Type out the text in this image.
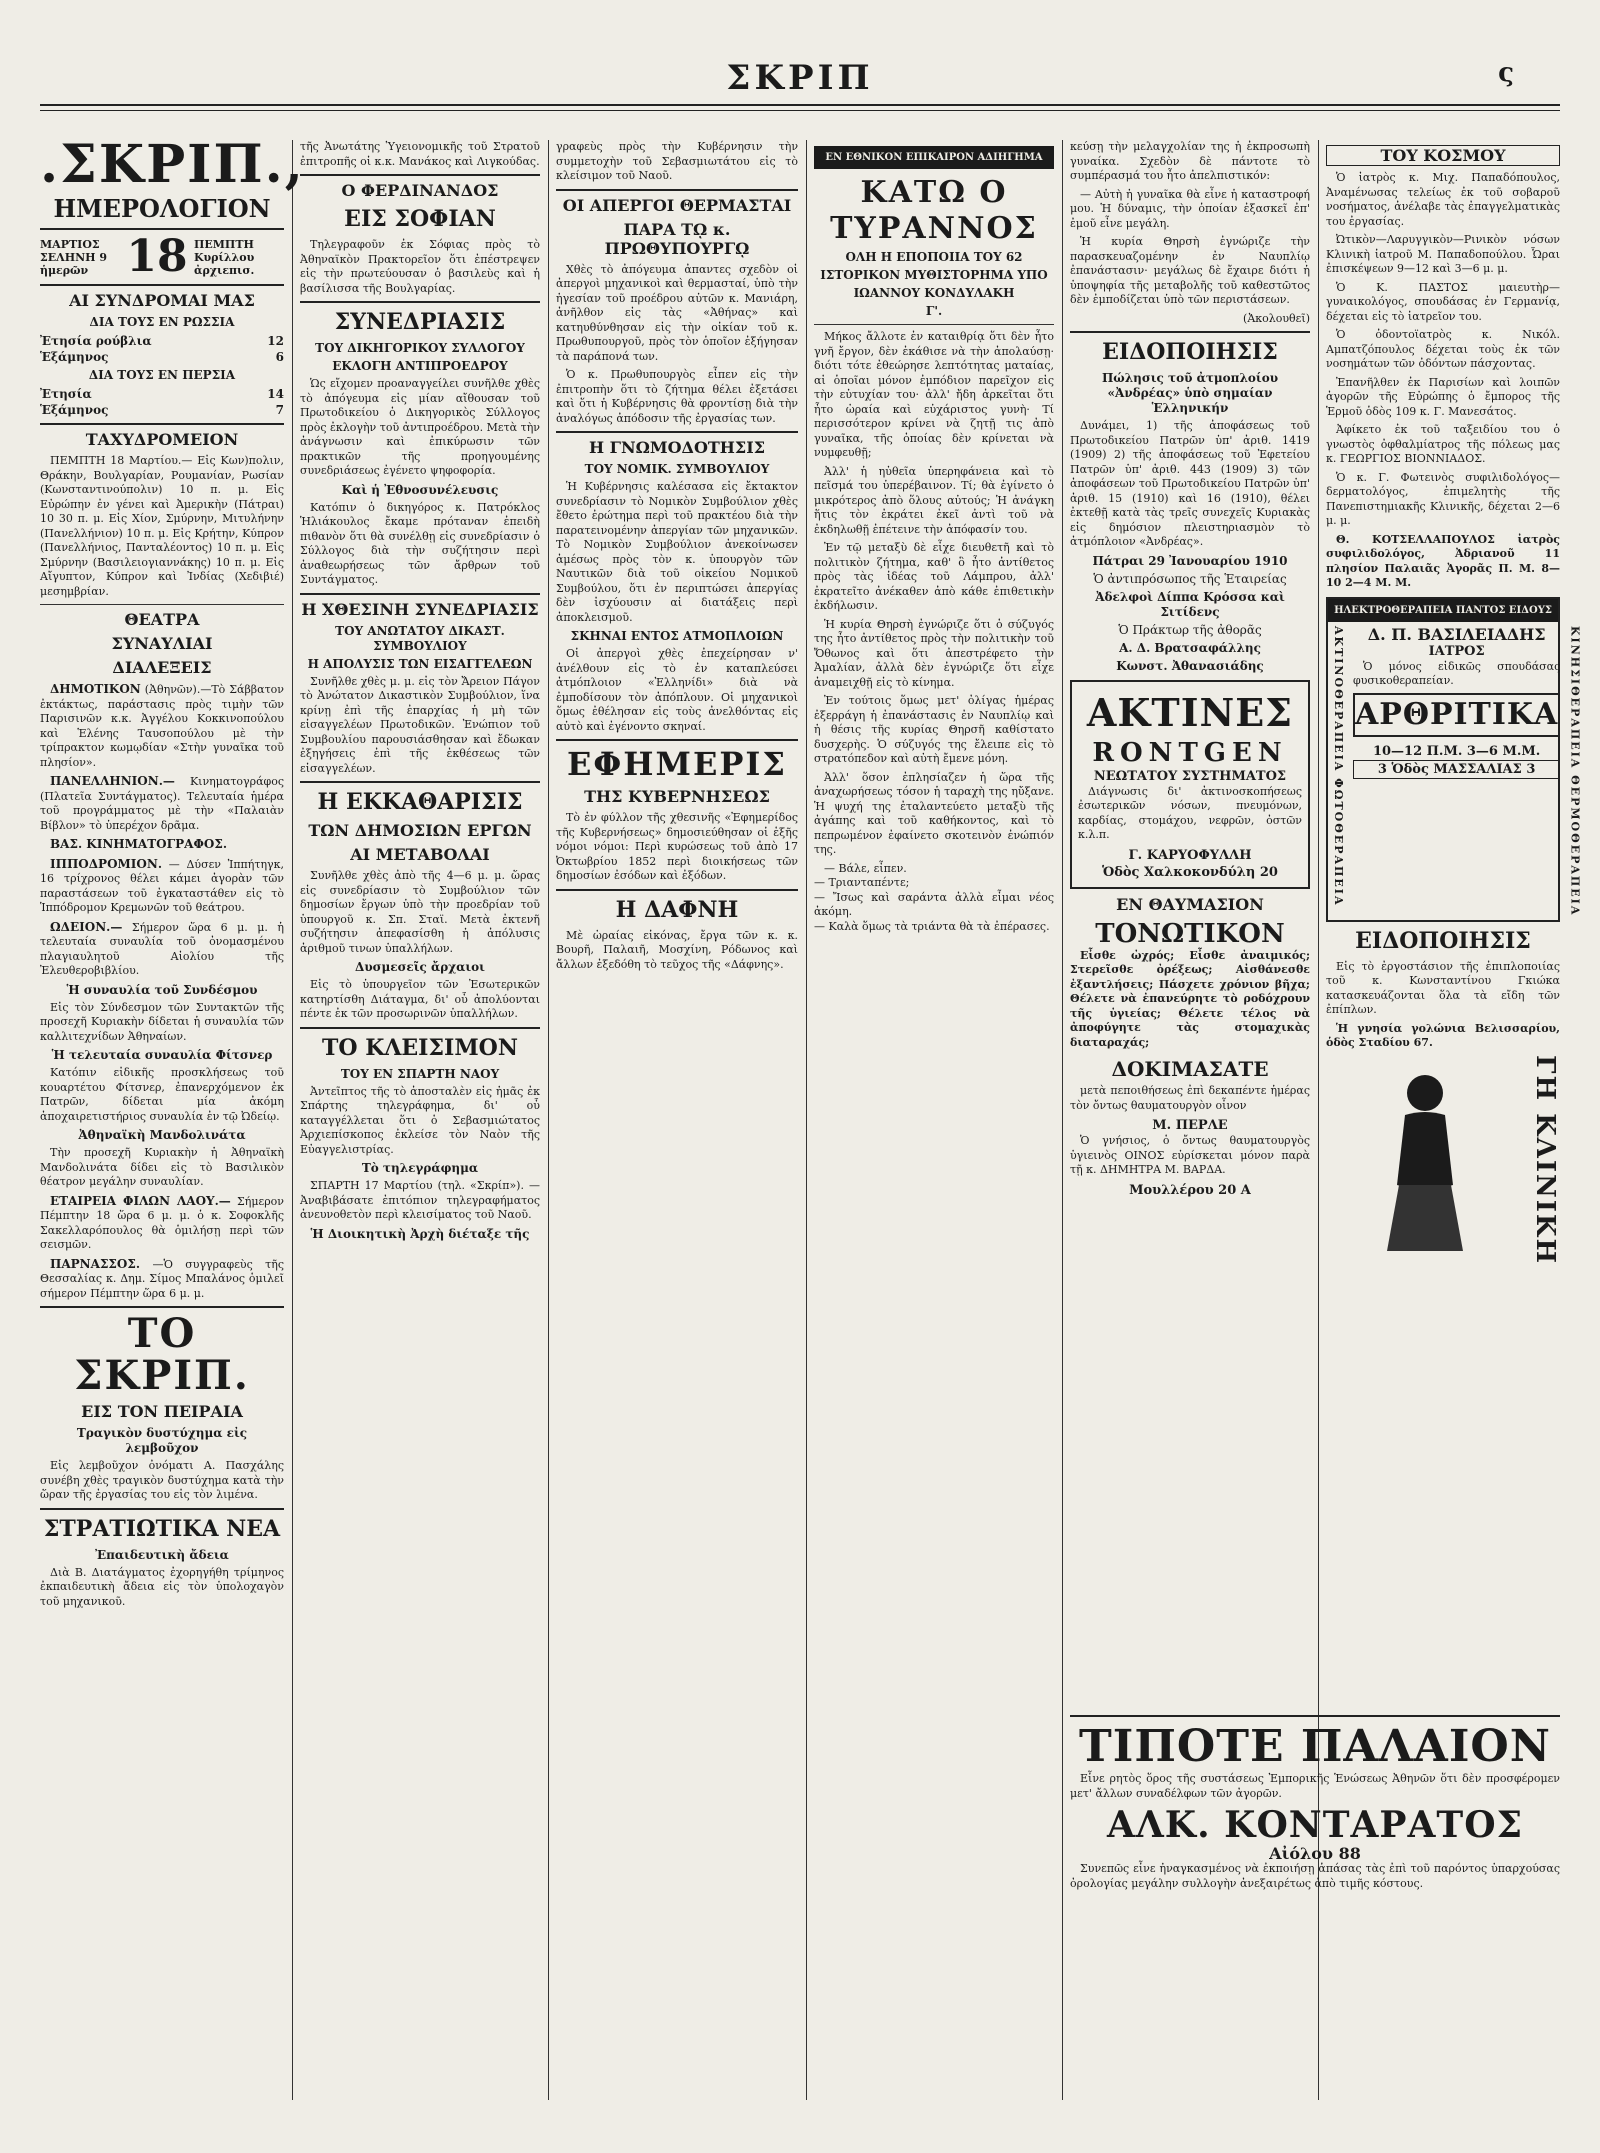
ΣΚΡΙΠ	ς
.ΣΚΡΙΠ.,
ΗΜΕΡΟΛΟΓΙΟΝ
ΜΑΡΤΙΟΣ ΣΕΛΗΝΗ 9 ἡμερῶν 18 ΠΕΜΠΤΗ Κυρίλλου ἀρχιεπισ.
ΑΙ ΣΥΝΔΡΟΜΑΙ ΜΑΣ
ΔΙΑ ΤΟΥΣ ΕΝ ΡΩΣΣΙΑ
Ἐτησία ρούβλια	12
Ἑξάμηνος	6
ΔΙΑ ΤΟΥΣ ΕΝ ΠΕΡΣΙΑ
Ἐτησία	14
Ἑξάμηνος	7
ΤΑΧΥΔΡΟΜΕΙΟΝ

ΠΕΜΠΤΗ 18 Μαρτίου.— Εἰς Κων)πολιν, Θράκην, Βουλγαρίαν, Ρουμανίαν, Ρωσίαν (Κωνσταντινούπολιν) 10 π. μ. Εἰς Εὐρώπην ἐν γένει καὶ Ἀμερικὴν (Πάτραι) 10 30 π. μ. Εἰς Χίον, Σμύρνην, Μιτυλήνην (Πανελλήνιον) 10 π. μ. Εἰς Κρήτην, Κύπρον (Πανελλήνιος, Πανταλέοντος) 10 π. μ. Εἰς Σμύρνην (Βασιλειογιαννάκης) 10 π. μ. Εἰς Αἴγυπτον, Κύπρον καὶ Ἰνδίας (Χεδιβιέ) μεσημβρίαν.

ΘΕΑΤΡΑ
ΣΥΝΑΥΛΙΑΙ
ΔΙΑΛΕΞΕΙΣ

ΔΗΜΟΤΙΚΟΝ (Ἀθηνῶν).—Τὸ Σάββατον ἐκτάκτως, παράστασις πρὸς τιμὴν τῶν Παρισινῶν κ.κ. Ἀγγέλου Κοκκινοπούλου καὶ Ἑλένης Ταυσοπούλου μὲ τὴν τρίπρακτον κωμῳδίαν «Στὴν γυναῖκα τοῦ πλησίον».

ΠΑΝΕΛΛΗΝΙΟΝ.— Κινηματογράφος (Πλατεῖα Συντάγματος). Τελευταία ἡμέρα τοῦ προγράμματος μὲ τὴν «Παλαιὰν Βίβλον» τὸ ὑπερέχον δρᾶμα.

ΒΑΣ. ΚΙΝΗΜΑΤΟΓΡΑΦΟΣ.

ΙΠΠΟΔΡΟΜΙΟΝ. — Δύσεν Ἱππήτηγκ, 16 τρίχρονος θέλει κάμει ἀγορὰν τῶν παραστάσεων τοῦ ἐγκαταστάθεν εἰς τὸ Ἱππόδρομον Κρεμωνῶν τοῦ θεάτρου.

ΩΔΕΙΟΝ.— Σήμερον ὥρα 6 μ. μ. ἡ τελευταία συναυλία τοῦ ὀνομασμένου πλαγιαυλητοῦ Αἰολίου τῆς Ἐλευθεροβιβλίου.

Ἡ συναυλία τοῦ Συνδέσμου

Εἰς τὸν Σύνδεσμον τῶν Συντακτῶν τῆς προσεχῆ Κυριακὴν δίδεται ἡ συναυλία τῶν καλλιτεχνίδων Ἀθηναίων.

Ἡ τελευταία συναυλία Φίτσνερ

Κατόπιν εἰδικῆς προσκλήσεως τοῦ κουαρτέτου Φίτσνερ, ἐπανερχόμενον ἐκ Πατρῶν, δίδεται μία ἀκόμη ἀποχαιρετιστήριος συναυλία ἐν τῷ Ὠδείῳ.

Ἀθηναϊκὴ Μανδολινάτα

Τὴν προσεχῆ Κυριακὴν ἡ Ἀθηναϊκὴ Μανδολινάτα δίδει εἰς τὸ Βασιλικὸν θέατρον μεγάλην συναυλίαν.

ΕΤΑΙΡΕΙΑ ΦΙΛΩΝ ΛΑΟΥ.— Σήμερον Πέμπτην 18 ὥρα 6 μ. μ. ὁ κ. Σοφοκλῆς Σακελλαρόπουλος θὰ ὁμιλήσῃ περὶ τῶν σεισμῶν.

ΠΑΡΝΑΣΣΟΣ. —Ὁ συγγραφεὺς τῆς Θεσσαλίας κ. Δημ. Σίμος Μπαλάνος ὁμιλεῖ σήμερον Πέμπτην ὥρα 6 μ. μ.

ΤΟ ΣΚΡΙΠ.
ΕΙΣ ΤΟΝ ΠΕΙΡΑΙΑ
Τραγικὸν δυστύχημα εἰς λεμβοῦχον

Εἰς λεμβοῦχον ὀνόματι Α. Πασχάλης συνέβη χθὲς τραγικὸν δυστύχημα κατὰ τὴν ὥραν τῆς ἐργασίας του εἰς τὸν λιμένα.

ΣΤΡΑΤΙΩΤΙΚΑ ΝΕΑ
Ἐπαιδευτικὴ ἄδεια

Διὰ Β. Διατάγματος ἐχορηγήθη τρίμηνος ἐκπαιδευτικὴ ἄδεια εἰς τὸν ὑπολοχαγὸν τοῦ μηχανικοῦ.

τῆς Ἀνωτάτης Ὑγειονομικῆς τοῦ Στρατοῦ ἐπιτροπῆς οἱ κ.κ. Μανάκος καὶ Λιγκούδας.

Ο ΦΕΡΔΙΝΑΝΔΟΣ
ΕΙΣ ΣΟΦΙΑΝ

Τηλεγραφοῦν ἐκ Σόφιας πρὸς τὸ Ἀθηναϊκὸν Πρακτορεῖον ὅτι ἐπέστρεψεν εἰς τὴν πρωτεύουσαν ὁ βασιλεὺς καὶ ἡ βασίλισσα τῆς Βουλγαρίας.

ΣΥΝΕΔΡΙΑΣΙΣ
ΤΟΥ ΔΙΚΗΓΟΡΙΚΟΥ ΣΥΛΛΟΓΟΥ
ΕΚΛΟΓΗ ΑΝΤΙΠΡΟΕΔΡΟΥ

Ὡς εἴχομεν προαναγγείλει συνῆλθε χθὲς τὸ ἀπόγευμα εἰς μίαν αἴθουσαν τοῦ Πρωτοδικείου ὁ Δικηγορικὸς Σύλλογος πρὸς ἐκλογὴν τοῦ ἀντιπροέδρου. Μετὰ τὴν ἀνάγνωσιν καὶ ἐπικύρωσιν τῶν πρακτικῶν τῆς προηγουμένης συνεδριάσεως ἐγένετο ψηφοφορία.

Καὶ ἡ Ἐθνοσυνέλευσις

Κατόπιν ὁ δικηγόρος κ. Πατρόκλος Ἡλιάκουλος ἔκαμε πρόταναν ἐπειδὴ πιθανὸν ὅτι θὰ συνέλθῃ εἰς συνεδρίασιν ὁ Σύλλογος διὰ τὴν συζήτησιν περὶ ἀναθεωρήσεως τῶν ἄρθρων τοῦ Συντάγματος.

Η ΧΘΕΣΙΝΗ ΣΥΝΕΔΡΙΑΣΙΣ
ΤΟΥ ΑΝΩΤΑΤΟΥ ΔΙΚΑΣΤ. ΣΥΜΒΟΥΛΙΟΥ
Η ΑΠΟΛΥΣΙΣ ΤΩΝ ΕΙΣΑΓΓΕΛΕΩΝ

Συνῆλθε χθὲς μ. μ. εἰς τὸν Ἄρειον Πάγον τὸ Ἀνώτατον Δικαστικὸν Συμβούλιον, ἵνα κρίνῃ ἐπὶ τῆς ἐπαρχίας ἡ μὴ τῶν εἰσαγγελέων Πρωτοδικῶν. Ἐνώπιον τοῦ Συμβουλίου παρουσιάσθησαν καὶ ἔδωκαν ἐξηγήσεις ἐπὶ τῆς ἐκθέσεως τῶν εἰσαγγελέων.

Η ΕΚΚΑΘΑΡΙΣΙΣ
ΤΩΝ ΔΗΜΟΣΙΩΝ ΕΡΓΩΝ
ΑΙ ΜΕΤΑΒΟΛΑΙ

Συνῆλθε χθὲς ἀπὸ τῆς 4—6 μ. μ. ὥρας εἰς συνεδρίασιν τὸ Συμβούλιον τῶν δημοσίων ἔργων ὑπὸ τὴν προεδρίαν τοῦ ὑπουργοῦ κ. Σπ. Σταϊ. Μετὰ ἐκτενῆ συζήτησιν ἀπεφασίσθη ἡ ἀπόλυσις ἀριθμοῦ τινων ὑπαλλήλων.

Δυσμεσεῖς ἄρχαιοι

Εἰς τὸ ὑπουργεῖον τῶν Ἐσωτερικῶν κατηρτίσθη Διάταγμα, δι' οὗ ἀπολύονται πέντε ἐκ τῶν προσωρινῶν ὑπαλλήλων.

ΤΟ ΚΛΕΙΣΙΜΟΝ
ΤΟΥ ΕΝ ΣΠΑΡΤΗ ΝΑΟΥ

Ἀντεῖπτος τῆς τὸ ἀποσταλὲν εἰς ἡμᾶς ἐκ Σπάρτης τηλεγράφημα, δι' οὗ καταγγέλλεται ὅτι ὁ Σεβασμιώτατος Ἀρχιεπίσκοπος ἐκλείσε τὸν Ναὸν τῆς Εὐαγγελιστρίας.

Τὸ τηλεγράφημα

ΣΠΑΡΤΗ 17 Μαρτίου (τηλ. «Σκρίπ»). — Ἀναβιβάσατε ἐπιτόπιον τηλεγραφήματος ἀνευνοθετὸν περὶ κλεισίματος τοῦ Ναοῦ.

Ἡ Διοικητικὴ Ἀρχὴ διέταξε τῆς

γραφεὺς πρὸς τὴν Κυβέρνησιν τὴν συμμετοχὴν τοῦ Σεβασμιωτάτου εἰς τὸ κλείσιμον τοῦ Ναοῦ.

ΟΙ ΑΠΕΡΓΟΙ ΘΕΡΜΑΣΤΑΙ
ΠΑΡΑ Τῼ κ. ΠΡΩΘΥΠΟΥΡΓῼ

Χθὲς τὸ ἀπόγευμα ἀπαντες σχεδὸν οἱ ἀπεργοὶ μηχανικοὶ καὶ θερμασταί, ὑπὸ τὴν ἡγεσίαν τοῦ προέδρου αὐτῶν κ. Μανιάρη, ἀνῆλθον εἰς τὰς «Ἀθήνας» καὶ κατηυθύνθησαν εἰς τὴν οἰκίαν τοῦ κ. Πρωθυπουργοῦ, πρὸς τὸν ὁποῖον ἐξήγησαν τὰ παράπονά των.

Ὁ κ. Πρωθυπουργὸς εἶπεν εἰς τὴν ἐπιτροπὴν ὅτι τὸ ζήτημα θέλει ἐξετάσει καὶ ὅτι ἡ Κυβέρνησις θὰ φροντίσῃ διὰ τὴν ἀναλόγως ἀπόδοσιν τῆς ἐργασίας των.

Η ΓΝΩΜΟΔΟΤΗΣΙΣ
ΤΟΥ ΝΟΜΙΚ. ΣΥΜΒΟΥΛΙΟΥ

Ἡ Κυβέρνησις καλέσασα εἰς ἔκτακτον συνεδρίασιν τὸ Νομικὸν Συμβούλιον χθὲς ἔθετο ἐρώτημα περὶ τοῦ πρακτέου διὰ τὴν παρατεινομένην ἀπεργίαν τῶν μηχανικῶν. Τὸ Νομικὸν Συμβούλιον ἀνεκοίνωσεν ἀμέσως πρὸς τὸν κ. ὑπουργὸν τῶν Ναυτικῶν διὰ τοῦ οἰκείου Νομικοῦ Συμβούλου, ὅτι ἐν περιπτώσει ἀπεργίας δὲν ἰσχύουσιν αἱ διατάξεις περὶ ἀποκλεισμοῦ.

ΣΚΗΝΑΙ ΕΝΤΟΣ ΑΤΜΟΠΛΟΙΩΝ

Οἱ ἀπεργοὶ χθὲς ἐπεχείρησαν ν' ἀνέλθουν εἰς τὸ ἐν καταπλεύσει ἀτμόπλοιον «Ἐλληνίδι» διὰ νὰ ἐμποδίσουν τὸν ἀπόπλουν. Οἱ μηχανικοὶ ὅμως ἐθέλησαν εἰς τοὺς ἀνελθόντας εἰς αὐτὸ καὶ ἐγένοντο σκηναί.

ΕΦΗΜΕΡΙΣ
ΤΗΣ ΚΥΒΕΡΝΗΣΕΩΣ

Τὸ ἐν φύλλον τῆς χθεσινῆς «Ἐφημερίδος τῆς Κυβερνήσεως» δημοσιεύθησαν οἱ ἑξῆς νόμοι νόμοι: Περὶ κυρώσεως τοῦ ἀπὸ 17 Ὀκτωβρίου 1852 περὶ διοικήσεως τῶν δημοσίων ἐσόδων καὶ ἐξόδων.

Η ΔΑΦΝΗ

Μὲ ὡραίας εἰκόνας, ἔργα τῶν κ. κ. Βουρῆ, Παλαιῆ, Μοσχίνη, Ρόδωνος καὶ ἄλλων ἐξεδόθη τὸ τεῦχος τῆς «Δάφνης».

ΕΝ ΕΘΝΙΚΟΝ ΕΠΙΚΑΙΡΟΝ ΑΔΙΗΓΗΜΑ
ΚΑΤΩ Ο ΤΥΡΑΝΝΟΣ
ΟΛΗ Η ΕΠΟΠΟΙΙΑ ΤΟΥ 62
ΙΣΤΟΡΙΚΟΝ ΜΥΘΙΣΤΟΡΗΜΑ ΥΠΟ
ΙΩΑΝΝΟΥ ΚΟΝΔΥΛΑΚΗ
Γ'.

Μήκος ἄλλοτε ἐν καταιθρίᾳ ὅτι δὲν ἦτο γνῆ ἔργον, δὲν ἐκάθισε νὰ τὴν ἀπολαύσῃ· διότι τότε ἐθεώρησε λεπτότητας ματαίας, αἱ ὁποῖαι μόνον ἐμπόδιον παρεῖχον εἰς τὴν εὐτυχίαν του· ἀλλ' ἤδη ἀρκεῖται ὅτι ἦτο ὡραία καὶ εὐχάριστος γυνὴ· Τί περισσότερον κρίνει νὰ ζητῇ τις ἀπὸ γυναῖκα, τῆς ὁποίας δὲν κρίνεται νὰ νυμφευθῇ;

Ἀλλ' ἡ ηὐθεῖα ὑπερηφάνεια καὶ τὸ πεῖσμά του ὑπερέβαινον. Τί; θὰ ἐγίνετο ὁ μικρότερος ἀπὸ ὅλους αὐτούς; Ἡ ἀνάγκη ἥτις τὸν ἐκράτει ἐκεῖ ἀντὶ τοῦ νὰ ἐκδηλωθῇ ἐπέτεινε τὴν ἀπόφασίν του.

Ἐν τῷ μεταξὺ δὲ εἶχε διευθετῆ καὶ τὸ πολιτικὸν ζήτημα, καθ' ὃ ἦτο ἀντίθετος πρὸς τὰς ἰδέας τοῦ Λάμπρου, ἀλλ' ἐκρατεῖτο ἀνέκαθεν ἀπὸ κάθε ἐπιθετικὴν ἐκδήλωσιν.

Ἡ κυρία Θηρσὴ ἐγνώριζε ὅτι ὁ σύζυγός της ἦτο ἀντίθετος πρὸς τὴν πολιτικὴν τοῦ Ὄθωνος καὶ ὅτι ἀπεστρέφετο τὴν Ἀμαλίαν, ἀλλὰ δὲν ἐγνώριζε ὅτι εἶχε ἀναμειχθῇ εἰς τὸ κίνημα.

Ἐν τούτοις ὅμως μετ' ὀλίγας ἡμέρας ἐξερράγη ἡ ἐπανάστασις ἐν Ναυπλίῳ καὶ ἡ θέσις τῆς κυρίας Θηρσῆ καθίστατο δυσχερὴς. Ὁ σύζυγός της ἔλειπε εἰς τὸ στρατόπεδον καὶ αὐτὴ ἔμενε μόνη.

Ἀλλ' ὅσον ἐπλησίαζεν ἡ ὥρα τῆς ἀναχωρήσεως τόσον ἡ ταραχὴ της ηὔξανε. Ἡ ψυχή της ἐταλαντεύετο μεταξὺ τῆς ἀγάπης καὶ τοῦ καθήκοντος, καὶ τὸ πεπρωμένον ἐφαίνετο σκοτεινὸν ἐνώπιόν της.

— Βάλε, εἶπεν.
— Τριανταπέντε;
— Ἴσως καὶ σαράντα ἀλλὰ εἶμαι νέος ἀκόμη.
— Καλὰ ὅμως τὰ τριάντα θὰ τὰ ἐπέρασες.

κεύσῃ τὴν μελαγχολίαν της ἡ ἐκπροσωπὴ γυναίκα. Σχεδὸν δὲ πάντοτε τὸ συμπέρασμά του ἦτο ἀπελπιστικόν:

— Αὐτὴ ἡ γυναῖκα θὰ εἶνε ἡ καταστροφή μου. Ἡ δύναμις, τὴν ὁποίαν ἐξασκεῖ ἐπ' ἐμοῦ εἶνε μεγάλη.

Ἡ κυρία Θηρσὴ ἐγνώριζε τὴν παρασκευαζομένην ἐν Ναυπλίῳ ἐπανάστασιν· μεγάλως δὲ ἔχαιρε διότι ἡ ὑποψηφία τῆς μεταβολῆς τοῦ καθεστῶτος δὲν ἐμποδίζεται ὑπὸ τῶν περιστάσεων.

(Ἀκολουθεῖ)

ΕΙΔΟΠΟΙΗΣΙΣ
Πώλησις τοῦ ἀτμοπλοίου «Ἀνδρέας» ὑπὸ σημαίαν Ἑλληνικήν

Δυνάμει, 1) τῆς ἀποφάσεως τοῦ Πρωτοδικείου Πατρῶν ὑπ' ἀριθ. 1419 (1909) 2) τῆς ἀποφάσεως τοῦ Ἐφετείου Πατρῶν ὑπ' ἀριθ. 443 (1909) 3) τῶν ἀποφάσεων τοῦ Πρωτοδικείου Πατρῶν ὑπ' ἀριθ. 15 (1910) καὶ 16 (1910), θέλει ἐκτεθῇ κατὰ τὰς τρεῖς συνεχεῖς Κυριακὰς εἰς δημόσιον πλειστηριασμὸν τὸ ἀτμόπλοιον «Ἀνδρέας».

Πάτραι 29 Ἰανουαρίου 1910
Ὁ ἀντιπρόσωπος τῆς Ἑταιρείας
Ἀδελφοὶ Δίππα Κρόσσα καὶ Σιτίδενς
Ὁ Πράκτωρ τῆς ἀθορᾶς
Α. Δ. Βρατσαφάλλης
Κωνστ. Ἀθανασιάδης
ΑΚΤΙΝΕΣ
RONTGEN
ΝΕΩΤΑΤΟΥ ΣΥΣΤΗΜΑΤΟΣ

Διάγνωσις δι' ἀκτινοσκοπήσεως ἐσωτερικῶν νόσων, πνευμόνων, καρδίας, στομάχου, νεφρῶν, ὀστῶν κ.λ.π.

Γ. ΚΑΡΥΟΦΥΛΛΗ
Ὁδὸς Χαλκοκονδύλη 20
ΕΝ ΘΑΥΜΑΣΙΟΝ
ΤΟΝΩΤΙΚΟΝ

Εἶσθε ὠχρός; Εἶσθε ἀναιμικός; Στερεῖσθε ὀρέξεως; Αἰσθάνεσθε ἐξαντλήσεις; Πάσχετε χρόνιον βῆχα; Θέλετε νὰ ἐπανεύρητε τὸ ροδόχρουν τῆς ὑγιείας; Θέλετε τέλος νὰ ἀποφύγητε τὰς στομαχικὰς διαταραχάς;

ΔΟΚΙΜΑΣΑΤΕ

μετὰ πεποιθήσεως ἐπὶ δεκαπέντε ἡμέρας τὸν ὄντως θαυματουργὸν οἶνον

Μ. ΠΕΡΛΕ

Ὁ γνήσιος, ὁ ὄντως θαυματουργὸς ὑγιεινὸς ΟΙΝΟΣ εὑρίσκεται μόνον παρὰ τῇ κ. ΔΗΜΗΤΡΑ Μ. ΒΑΡΔΑ.

Μουλλέρου 20 Α
ΤΟΥ ΚΟΣΜΟΥ

Ὁ ἰατρὸς κ. Μιχ. Παπαδόπουλος, Ἀναμένωσας τελείως ἐκ τοῦ σοβαροῦ νοσήματος, ἀνέλαβε τὰς ἐπαγγελματικὰς του ἐργασίας.

Ὠτικὸν—Λαρυγγικὸν—Ρινικὸν νόσων Κλινικὴ ἰατροῦ Μ. Παπαδοπούλου. Ὧραι ἐπισκέψεων 9—12 καὶ 3—6 μ. μ.

Ὁ Κ. ΠΑΣΤΟΣ μαιευτὴρ—γυναικολόγος, σπουδάσας ἐν Γερμανίᾳ, δέχεται εἰς τὸ ἰατρεῖον του.

Ὁ ὀδοντοϊατρὸς κ. Νικόλ. Αμπατζόπουλος δέχεται τοὺς ἐκ τῶν νοσημάτων τῶν ὀδόντων πάσχοντας.

Ἐπανῆλθεν ἐκ Παρισίων καὶ λοιπῶν ἀγορῶν τῆς Εὐρώπης ὁ ἔμπορος τῆς Ἑρμοῦ ὁδὸς 109 κ. Γ. Μανεσάτος.

Ἀφίκετο ἐκ τοῦ ταξειδίου του ὁ γνωστὸς ὀφθαλμίατρος τῆς πόλεως μας κ. ΓΕΩΡΓΙΟΣ ΒΙΟΝΝΙΑΔΟΣ.

Ὁ κ. Γ. Φωτεινὸς συφιλιδολόγος—δερματολόγος, ἐπιμελητὴς τῆς Πανεπιστημιακῆς Κλινικῆς, δέχεται 2—6 μ. μ.

Θ. ΚΟΤΣΕΛΛΑΠΟΥΛΟΣ ἰατρὸς συφιλιδολόγος, Ἀδριανοῦ 11 πλησίον Παλαιᾶς Ἀγορᾶς Π. Μ. 8—10 2—4 Μ. Μ.

ΗΛΕΚΤΡΟΘΕΡΑΠΕΙΑ ΠΑΝΤΟΣ ΕΙΔΟΥΣ
ΑΚΤΙΝΟΘΕΡΑΠΕΙΑ ΦΩΤΟΘΕΡΑΠΕΙΑ	Δ. Π. ΒΑΣΙΛΕΙΑΔΗΣ
ΙΑΤΡΟΣ

Ὁ μόνος εἰδικῶς σπουδάσας φυσικοθεραπείαν.

ΑΡΘΡΙΤΙΚΑ
10—12 Π.Μ. 3—6 Μ.Μ.
3 Ὁδὸς ΜΑΣΣΑΛΙΑΣ 3	ΚΙΝΗΣΙΘΕΡΑΠΕΙΑ ΘΕΡΜΟΘΕΡΑΠΕΙΑ
ΕΙΔΟΠΟΙΗΣΙΣ

Εἰς τὸ ἐργοστάσιον τῆς ἐπιπλοποιίας τοῦ κ. Κωνσταντίνου Γκιώκα κατασκευάζονται ὅλα τὰ εἴδη τῶν ἐπίπλων.

Ἡ γνησία γολώνια Βελισσαρίου, ὁδὸς Σταδίου 67.

ΓΗ ΚΛΙΝΙΚΗ
ΤΙΠΟΤΕ ΠΑΛΑΙΟΝ

Εἶνε ρητὸς ὅρος τῆς συστάσεως Ἐμπορικῆς Ἑνώσεως Ἀθηνῶν ὅτι δὲν προσφέρομεν μετ' ἄλλων συναδέλφων τῶν ἀγορῶν.

ΑΛΚ. ΚΟΝΤΑΡΑΤΟΣ
Αἰόλου 88

Συνεπῶς εἶνε ἠναγκασμένος νὰ ἐκποιήσῃ ἁπάσας τὰς ἐπὶ τοῦ παρόντος ὑπαρχούσας ὀρολογίας μεγάλην συλλογὴν ἀνεξαιρέτως ἀπὸ τιμῆς κόστους.
